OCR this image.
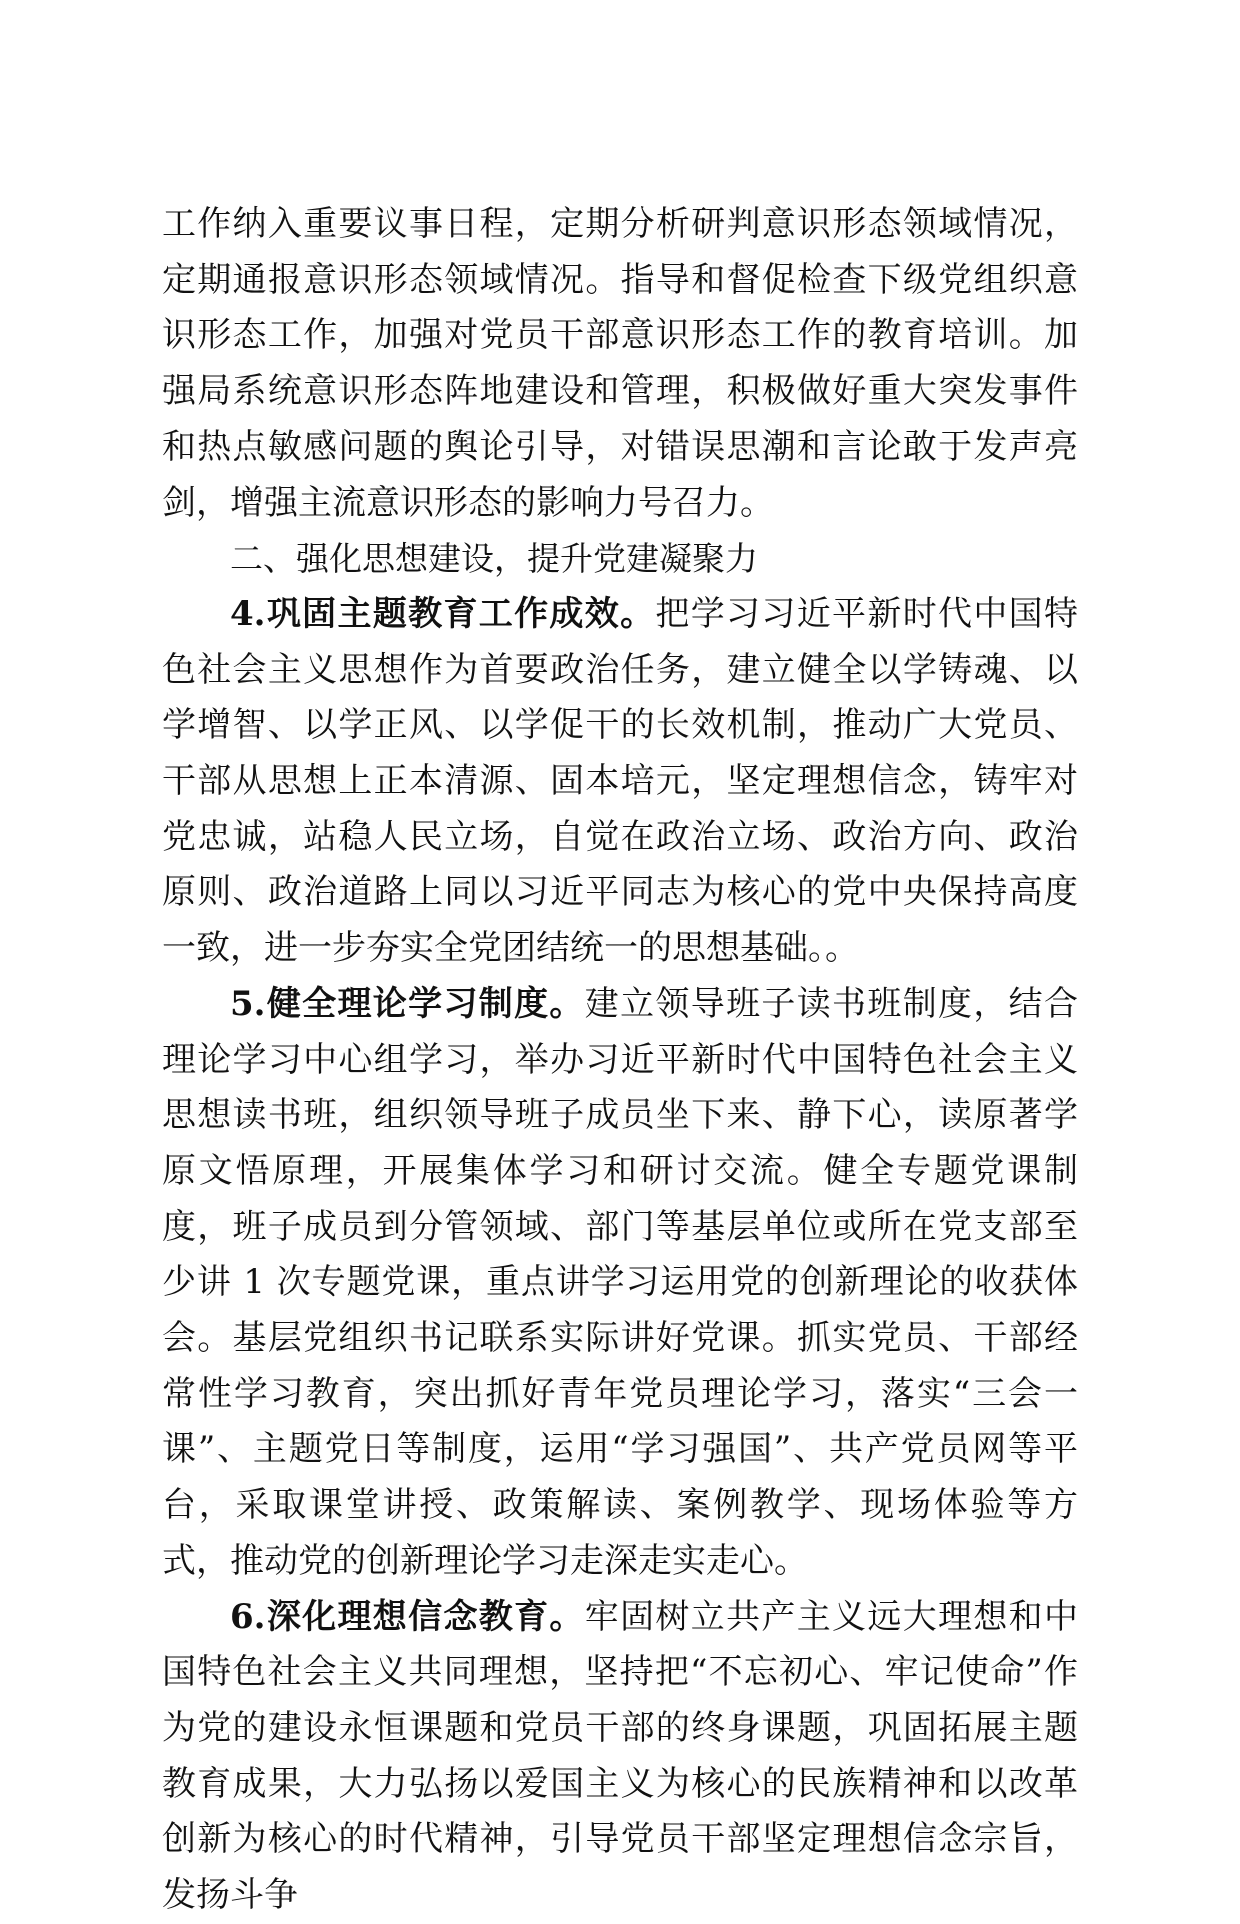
工作纳入重要议事日程，定期分析研判意识形态领域情况，定期通报意识形态领域情况。指导和督促检查下级党组织意识形态工作，加强对党员干部意识形态工作的教育培训。加强局系统意识形态阵地建设和管理，积极做好重大突发事件和热点敏感问题的舆论引导，对错误思潮和言论敢于发声亮剑，增强主流意识形态的影响力号召力。

二、强化思想建设，提升党建凝聚力

4.巩固主题教育工作成效。把学习习近平新时代中国特色社会主义思想作为首要政治任务，建立健全以学铸魂、以学增智、以学正风、以学促干的长效机制，推动广大党员、干部从思想上正本清源、固本培元，坚定理想信念，铸牢对党忠诚，站稳人民立场，自觉在政治立场、政治方向、政治原则、政治道路上同以习近平同志为核心的党中央保持高度一致，进一步夯实全党团结统一的思想基础。。

5.健全理论学习制度。建立领导班子读书班制度，结合理论学习中心组学习，举办习近平新时代中国特色社会主义思想读书班，组织领导班子成员坐下来、静下心，读原著学原文悟原理，开展集体学习和研讨交流。健全专题党课制度，班子成员到分管领域、部门等基层单位或所在党支部至少讲 1 次专题党课，重点讲学习运用党的创新理论的收获体会。基层党组织书记联系实际讲好党课。抓实党员、干部经常性学习教育，突出抓好青年党员理论学习，落实“三会一课”、主题党日等制度，运用“学习强国”、共产党员网等平台，采取课堂讲授、政策解读、案例教学、现场体验等方式，推动党的创新理论学习走深走实走心。

6.深化理想信念教育。牢固树立共产主义远大理想和中国特色社会主义共同理想，坚持把“不忘初心、牢记使命”作为党的建设永恒课题和党员干部的终身课题，巩固拓展主题教育成果，大力弘扬以爱国主义为核心的民族精神和以改革创新为核心的时代精神，引导党员干部坚定理想信念宗旨，发扬斗争
